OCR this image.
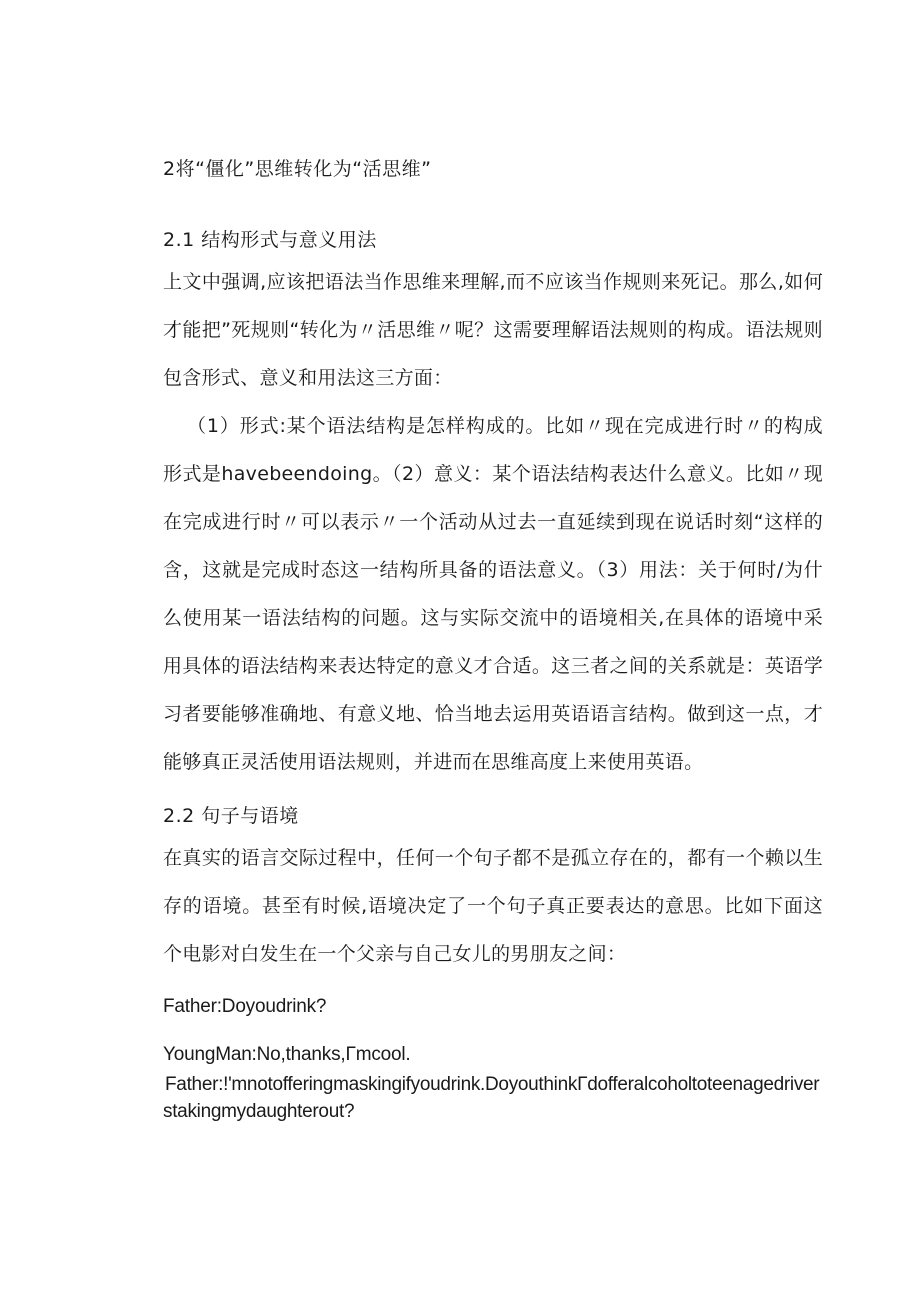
2将“僵化”思维转化为“活思维”
2.1 结构形式与意义用法
上文中强调,应该把语法当作思维来理解,而不应该当作规则来死记。那么,如何才能把”死规则“转化为〃活思维〃呢？这需要理解语法规则的构成。语法规则包含形式、意义和用法这三方面：
（1）形式:某个语法结构是怎样构成的。比如〃现在完成进行时〃的构成形式是havebeendoing。（2）意义：某个语法结构表达什么意义。比如〃现在完成进行时〃可以表示〃一个活动从过去一直延续到现在说话时刻“这样的含，这就是完成时态这一结构所具备的语法意义。（3）用法：关于何时/为什么使用某一语法结构的问题。这与实际交流中的语境相关,在具体的语境中采用具体的语法结构来表达特定的意义才合适。这三者之间的关系就是：英语学习者要能够准确地、有意义地、恰当地去运用英语语言结构。做到这一点，才能够真正灵活使用语法规则，并进而在思维高度上来使用英语。
2.2 句子与语境
在真实的语言交际过程中，任何一个句子都不是孤立存在的，都有一个赖以生存的语境。甚至有时候,语境决定了一个句子真正要表达的意思。比如下面这个电影对白发生在一个父亲与自己女儿的男朋友之间：
Father:Doyoudrink?
YoungMan:No,thanks,Γmcool.
Father:!'mnotofferingmaskingifyoudrink.DoyouthinkΓdofferalcoholtoteenagedriverstakingmydaughterout?
